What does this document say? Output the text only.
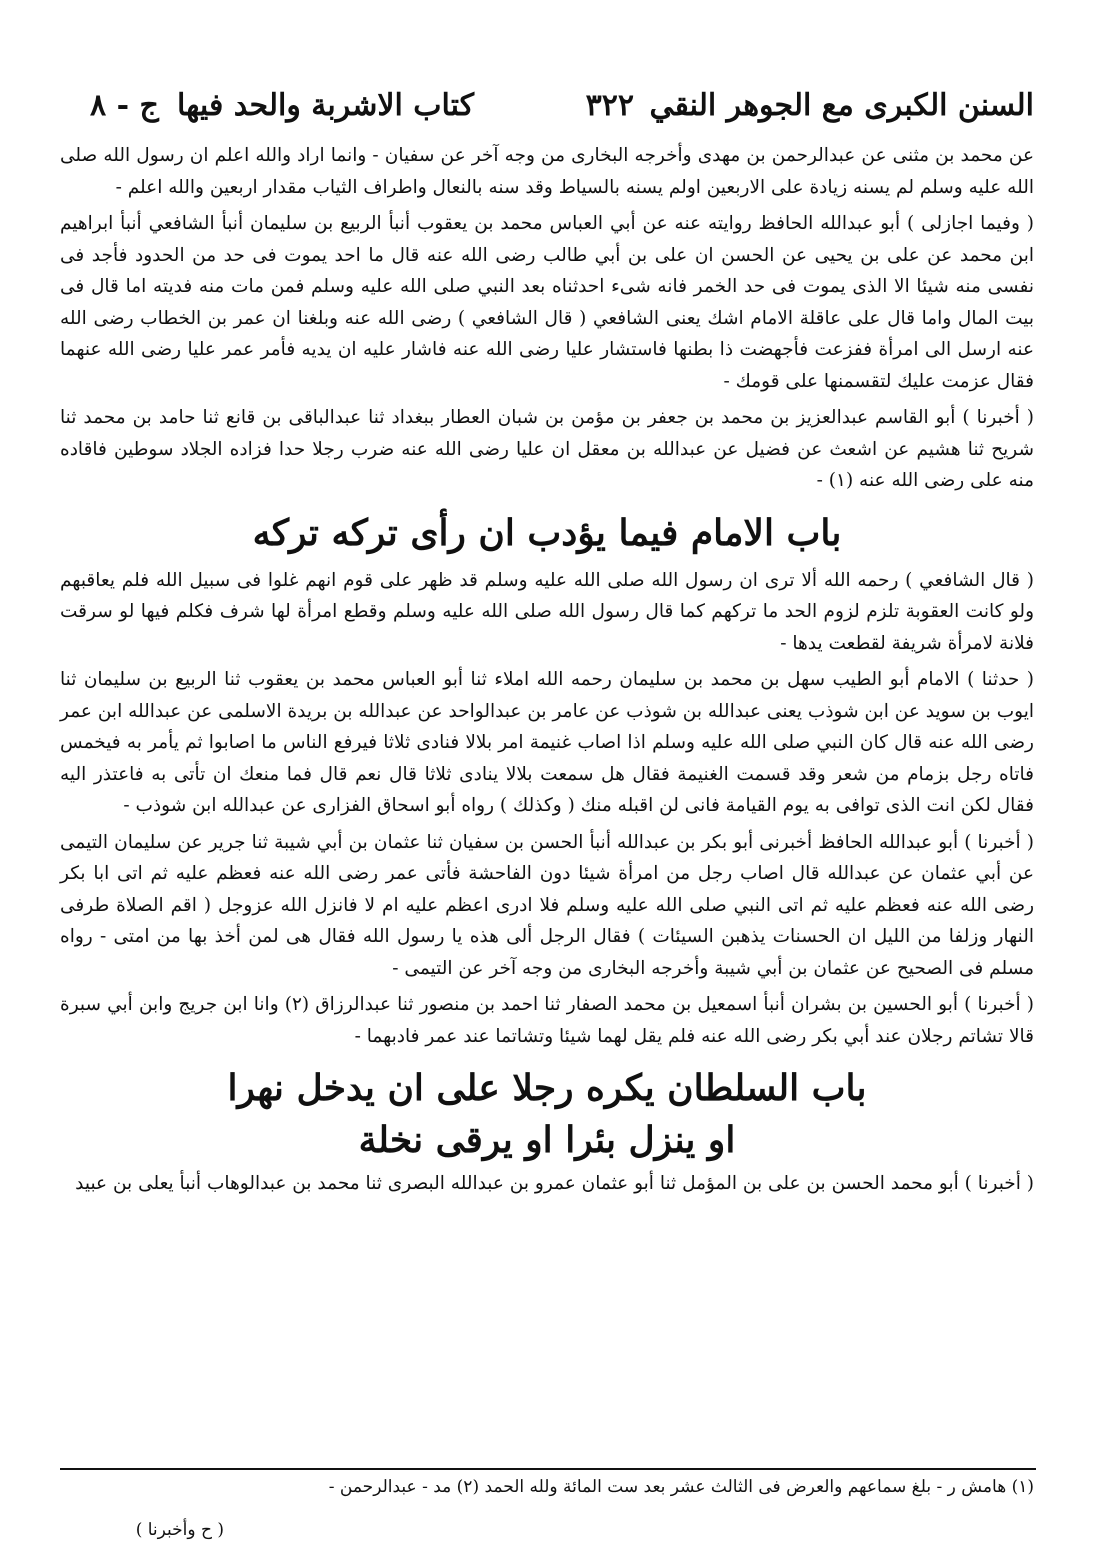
السنن الكبرى مع الجوهر النقي
٣٢٢
كتاب الاشربة والحد فيها
ج - ٨

عن محمد بن مثنى عن عبدالرحمن بن مهدى وأخرجه البخارى من وجه آخر عن سفيان - وانما اراد والله اعلم ان رسول الله صلى الله عليه وسلم لم يسنه زيادة على الاربعين اولم يسنه بالسياط وقد سنه بالنعال واطراف الثياب مقدار اربعين والله اعلم -

( وفيما اجازلى ) أبو عبدالله الحافظ روايته عنه عن أبي العباس محمد بن يعقوب أنبأ الربيع بن سليمان أنبأ الشافعي أنبأ ابراهيم ابن محمد عن على بن يحيى عن الحسن ان على بن أبي طالب رضى الله عنه قال ما احد يموت فى حد من الحدود فأجد فى نفسى منه شيئا الا الذى يموت فى حد الخمر فانه شىء احدثناه بعد النبي صلى الله عليه وسلم فمن مات منه فديته اما قال فى بيت المال واما قال على عاقلة الامام اشك يعنى الشافعي ( قال الشافعي ) رضى الله عنه وبلغنا ان عمر بن الخطاب رضى الله عنه ارسل الى امرأة ففزعت فأجهضت ذا بطنها فاستشار عليا رضى الله عنه فاشار عليه ان يديه فأمر عمر عليا رضى الله عنهما فقال عزمت عليك لتقسمنها على قومك -

( أخبرنا ) أبو القاسم عبدالعزيز بن محمد بن جعفر بن مؤمن بن شبان العطار ببغداد ثنا عبدالباقى بن قانع ثنا حامد بن محمد ثنا شريح ثنا هشيم عن اشعث عن فضيل عن عبدالله بن معقل ان عليا رضى الله عنه ضرب رجلا حدا فزاده الجلاد سوطين فاقاده منه على رضى الله عنه (١) -

باب الامام فيما يؤدب ان رأى تركه تركه

( قال الشافعي ) رحمه الله ألا ترى ان رسول الله صلى الله عليه وسلم قد ظهر على قوم انهم غلوا فى سبيل الله فلم يعاقبهم ولو كانت العقوبة تلزم لزوم الحد ما تركهم كما قال رسول الله صلى الله عليه وسلم وقطع امرأة لها شرف فكلم فيها لو سرقت فلانة لامرأة شريفة لقطعت يدها -

( حدثنا ) الامام أبو الطيب سهل بن محمد بن سليمان رحمه الله املاء ثنا أبو العباس محمد بن يعقوب ثنا الربيع بن سليمان ثنا ايوب بن سويد عن ابن شوذب يعنى عبدالله بن شوذب عن عامر بن عبدالواحد عن عبدالله بن بريدة الاسلمى عن عبدالله ابن عمر رضى الله عنه قال كان النبي صلى الله عليه وسلم اذا اصاب غنيمة امر بلالا فنادى ثلاثا فيرفع الناس ما اصابوا ثم يأمر به فيخمس فاتاه رجل بزمام من شعر وقد قسمت الغنيمة فقال هل سمعت بلالا ينادى ثلاثا قال نعم قال فما منعك ان تأتى به فاعتذر اليه فقال لكن انت الذى توافى به يوم القيامة فانى لن اقبله منك ( وكذلك ) رواه أبو اسحاق الفزارى عن عبدالله ابن شوذب -

( أخبرنا ) أبو عبدالله الحافظ أخبرنى أبو بكر بن عبدالله أنبأ الحسن بن سفيان ثنا عثمان بن أبي شيبة ثنا جرير عن سليمان التيمى عن أبي عثمان عن عبدالله قال اصاب رجل من امرأة شيئا دون الفاحشة فأتى عمر رضى الله عنه فعظم عليه ثم اتى ابا بكر رضى الله عنه فعظم عليه ثم اتى النبي صلى الله عليه وسلم فلا ادرى اعظم عليه ام لا فانزل الله عزوجل ( اقم الصلاة طرفى النهار وزلفا من الليل ان الحسنات يذهبن السيئات ) فقال الرجل ألى هذه يا رسول الله فقال هى لمن أخذ بها من امتى - رواه مسلم فى الصحيح عن عثمان بن أبي شيبة وأخرجه البخارى من وجه آخر عن التيمى -

( أخبرنا ) أبو الحسين بن بشران أنبأ اسمعيل بن محمد الصفار ثنا احمد بن منصور ثنا عبدالرزاق (٢) وانا ابن جريج وابن أبي سبرة قالا تشاتم رجلان عند أبي بكر رضى الله عنه فلم يقل لهما شيئا وتشاتما عند عمر فادبهما -

باب السلطان يكره رجلا على ان يدخل نهرا
او ينزل بئرا او يرقى نخلة

( أخبرنا ) أبو محمد الحسن بن على بن المؤمل ثنا أبو عثمان عمرو بن عبدالله البصرى ثنا محمد بن عبدالوهاب أنبأ يعلى بن عبيد

(١) هامش ر - بلغ سماعهم والعرض فى الثالث عشر بعد ست المائة ولله الحمد (٢) مد - عبدالرحمن -
( ح وأخبرنا )
